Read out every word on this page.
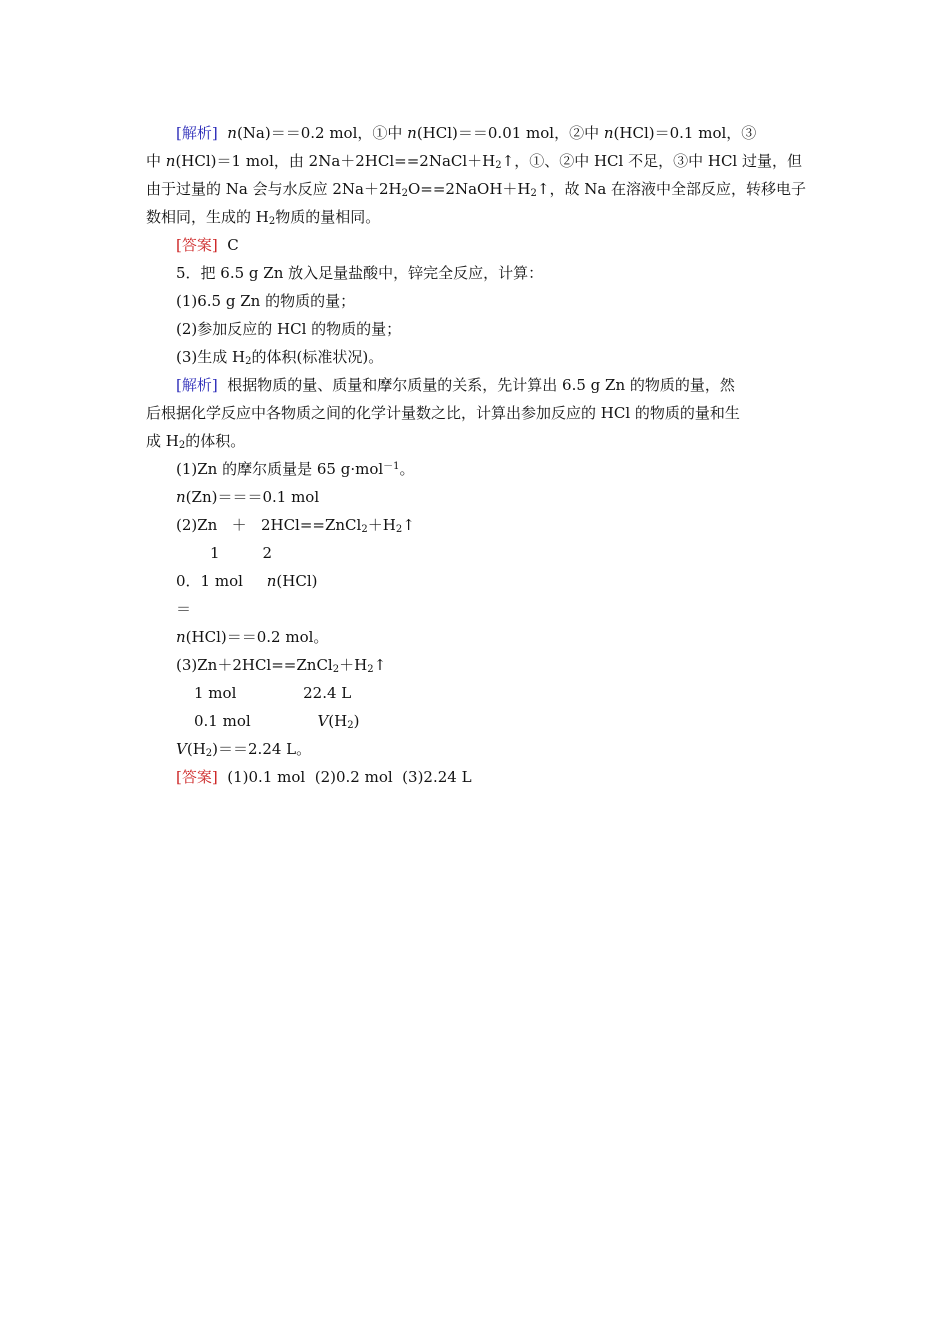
[解析] n(Na)＝＝0.2 mol，①中 n(HCl)＝＝0.01 mol，②中 n(HCl)＝0.1 mol，③
中 n(HCl)＝1 mol，由 $2Na+2HCl==2NaCl+H_2↑$，①、②中 HCl 不足，③中 HCl 过量，但
由于过量的 Na 会与水反应 $2Na+2H_2O==2NaOH+H_2↑$，故 Na 在溶液中全部反应，转移电子
数相同，生成的 $H_2$物质的量相同。
[答案] C
5．把 6.5 g Zn 放入足量盐酸中，锌完全反应，计算：
(1)6.5 g Zn 的物质的量；
(2)参加反应的 HCl 的物质的量；
(3)生成 $H_2$的体积(标准状况)。
[解析] 根据物质的量、质量和摩尔质量的关系，先计算出 6.5 g Zn 的物质的量，然
后根据化学反应中各物质之间的化学计量数之比，计算出参加反应的 HCl 的物质的量和生
成 $H_2$的体积。
(1)Zn 的摩尔质量是 65 g·mol$^{-1}$。
n(Zn)＝＝＝0.1 mol
$(2)Zn + 2HCl==ZnCl_2+H_2↑$
1         2
0．1 mol     n(HCl)
＝
n(HCl)＝＝0.2 mol。
$(3)Zn+2HCl==ZnCl_2+H_2↑$
1 mol              22.4 L
0.1 mol              $V(H_2)$
$V(H_2)==2.24$ L。
[答案] (1)0.1 mol  (2)0.2 mol  (3)2.24 L
